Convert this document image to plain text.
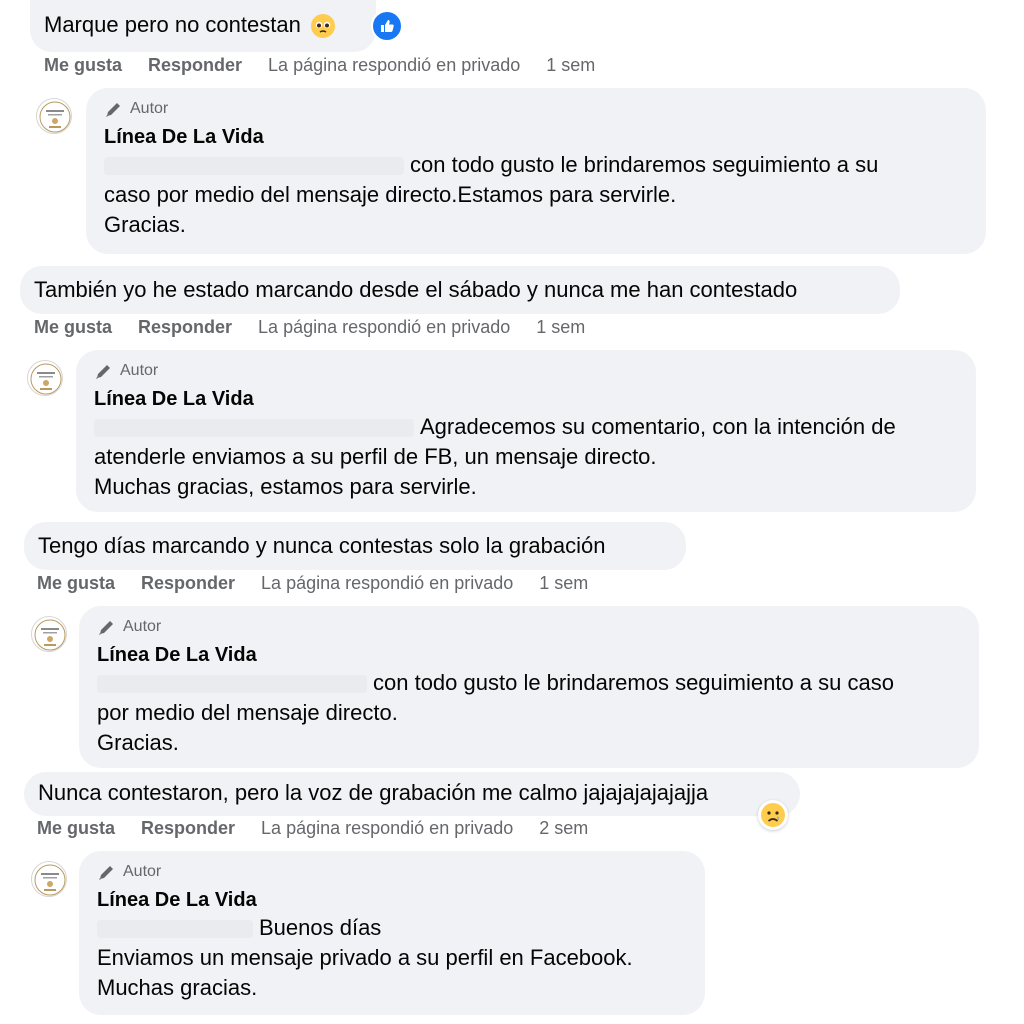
Marque pero no contestan
Me gusta Responder La página respondió en privado 1 sem
Autor
Línea De La Vida
con todo gusto le brindaremos seguimiento a su
caso por medio del mensaje directo.Estamos para servirle.
Gracias.
También yo he estado marcando desde el sábado y nunca me han contestado
Me gusta Responder La página respondió en privado 1 sem
Autor
Línea De La Vida
Agradecemos su comentario, con la intención de
atenderle enviamos a su perfil de FB, un mensaje directo.
Muchas gracias, estamos para servirle.
Tengo días marcando y nunca contestas solo la grabación
Me gusta Responder La página respondió en privado 1 sem
Autor
Línea De La Vida
con todo gusto le brindaremos seguimiento a su caso
por medio del mensaje directo.
Gracias.
Nunca contestaron, pero la voz de grabación me calmo jajajajajajajja
Me gusta Responder La página respondió en privado 2 sem
Autor
Línea De La Vida
Buenos días
Enviamos un mensaje privado a su perfil en Facebook.
Muchas gracias.
